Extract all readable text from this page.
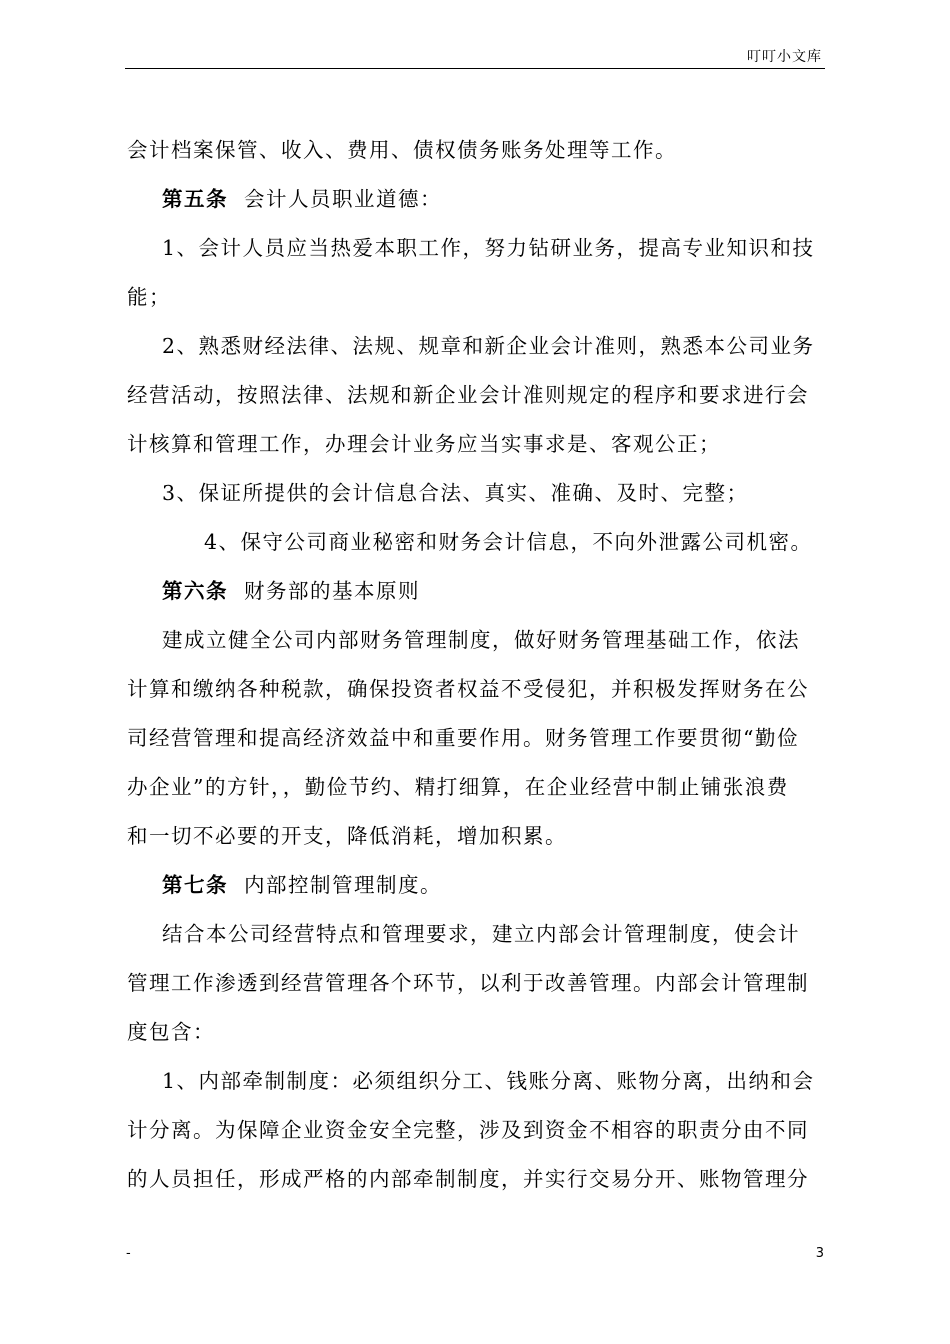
叮叮小文库

会计档案保管、收入、费用、债权债务账务处理等工作。

第五条 会计人员职业道德：

1、会计人员应当热爱本职工作，努力钻研业务，提高专业知识和技

能；

2、熟悉财经法律、法规、规章和新企业会计准则，熟悉本公司业务

经营活动，按照法律、法规和新企业会计准则规定的程序和要求进行会

计核算和管理工作，办理会计业务应当实事求是、客观公正；

3、保证所提供的会计信息合法、真实、准确、及时、完整；

4、保守公司商业秘密和财务会计信息，不向外泄露公司机密。

第六条 财务部的基本原则

建成立健全公司内部财务管理制度，做好财务管理基础工作，依法

计算和缴纳各种税款，确保投资者权益不受侵犯，并积极发挥财务在公

司经营管理和提高经济效益中和重要作用。财务管理工作要贯彻“勤俭

办企业”的方针，，勤俭节约、精打细算，在企业经营中制止铺张浪费

和一切不必要的开支，降低消耗，增加积累。

第七条 内部控制管理制度。

结合本公司经营特点和管理要求，建立内部会计管理制度，使会计

管理工作渗透到经营管理各个环节，以利于改善管理。内部会计管理制

度包含：

1、内部牵制制度：必须组织分工、钱账分离、账物分离，出纳和会

计分离。为保障企业资金安全完整，涉及到资金不相容的职责分由不同

的人员担任，形成严格的内部牵制制度，并实行交易分开、账物管理分

-	3
